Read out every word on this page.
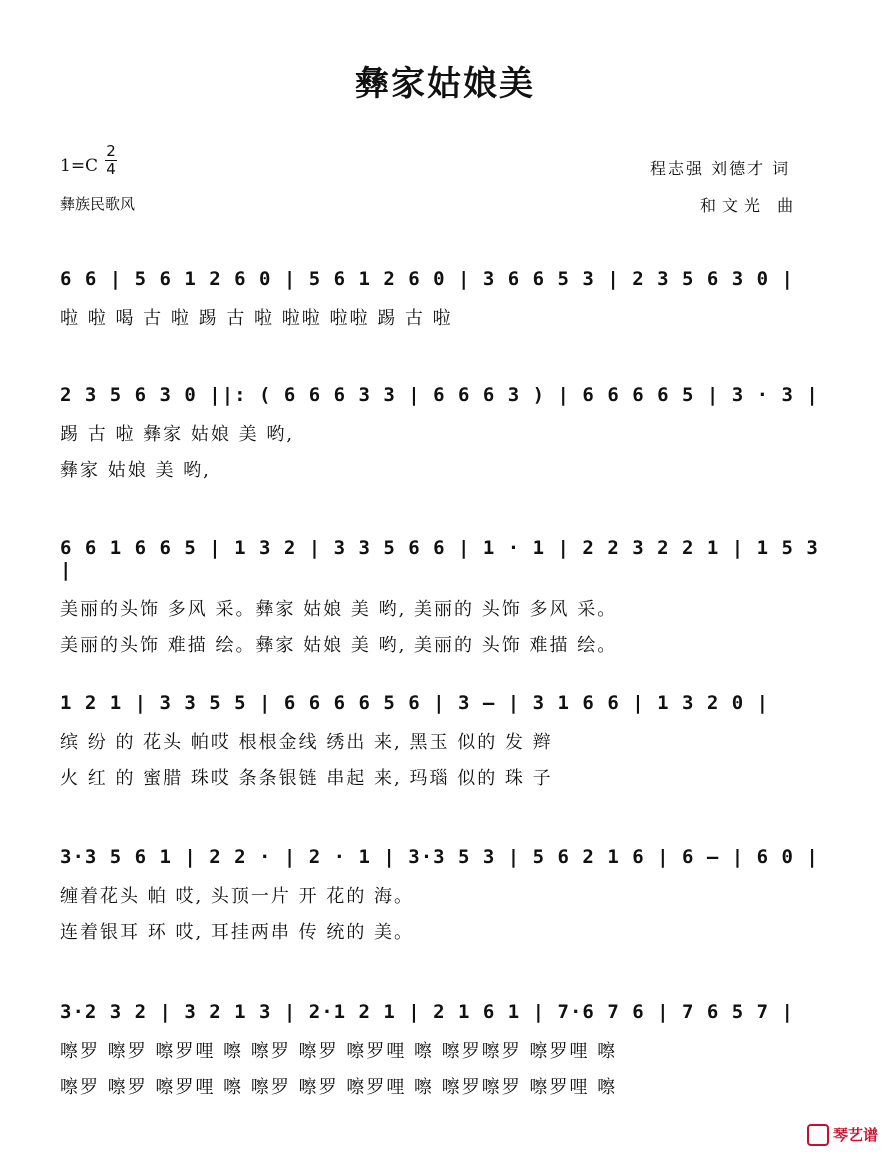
彝家姑娘美
1=C
2
4
彝族民歌风
程志强 刘德才 词
和文光 曲
6 6 | 5 6 1 2 6 0 | 5 6 1 2 6 0 | 3 6 6 5 3 | 2 3 5 6 3 0 |
啦 啦 喝 古 啦 踢 古 啦 啦啦 啦啦 踢 古 啦
2 3 5 6 3 0 ||: ( 6 6 6 3 3 | 6 6 6 3 ) | 6 6 6 6 5 | 3 · 3 |
踢 古 啦 彝家 姑娘 美 哟,
彝家 姑娘 美 哟,
6 6 1 6 6 5 | 1 3 2 | 3 3 5 6 6 | 1 · 1 | 2 2 3 2 2 1 | 1 5 3 |
美丽的头饰 多风 采。彝家 姑娘 美 哟, 美丽的 头饰 多风 采。
美丽的头饰 难描 绘。彝家 姑娘 美 哟, 美丽的 头饰 难描 绘。
1 2 1 | 3 3 5 5 | 6 6 6 6 5 6 | 3 – | 3 1 6 6 | 1 3 2 0 |
缤 纷 的 花头 帕哎 根根金线 绣出 来, 黑玉 似的 发 辫
火 红 的 蜜腊 珠哎 条条银链 串起 来, 玛瑙 似的 珠 子
3·3 5 6 1 | 2 2 · | 2 · 1 | 3·3 5 3 | 5 6 2 1 6 | 6 – | 6 0 |
缠着花头 帕 哎, 头顶一片 开 花的 海。
连着银耳 环 哎, 耳挂两串 传 统的 美。
3·2 3 2 | 3 2 1 3 | 2·1 2 1 | 2 1 6 1 | 7·6 7 6 | 7 6 5 7 |
嚓罗 嚓罗 嚓罗哩 嚓 嚓罗 嚓罗 嚓罗哩 嚓 嚓罗嚓罗 嚓罗哩 嚓
嚓罗 嚓罗 嚓罗哩 嚓 嚓罗 嚓罗 嚓罗哩 嚓 嚓罗嚓罗 嚓罗哩 嚓
琴艺谱
